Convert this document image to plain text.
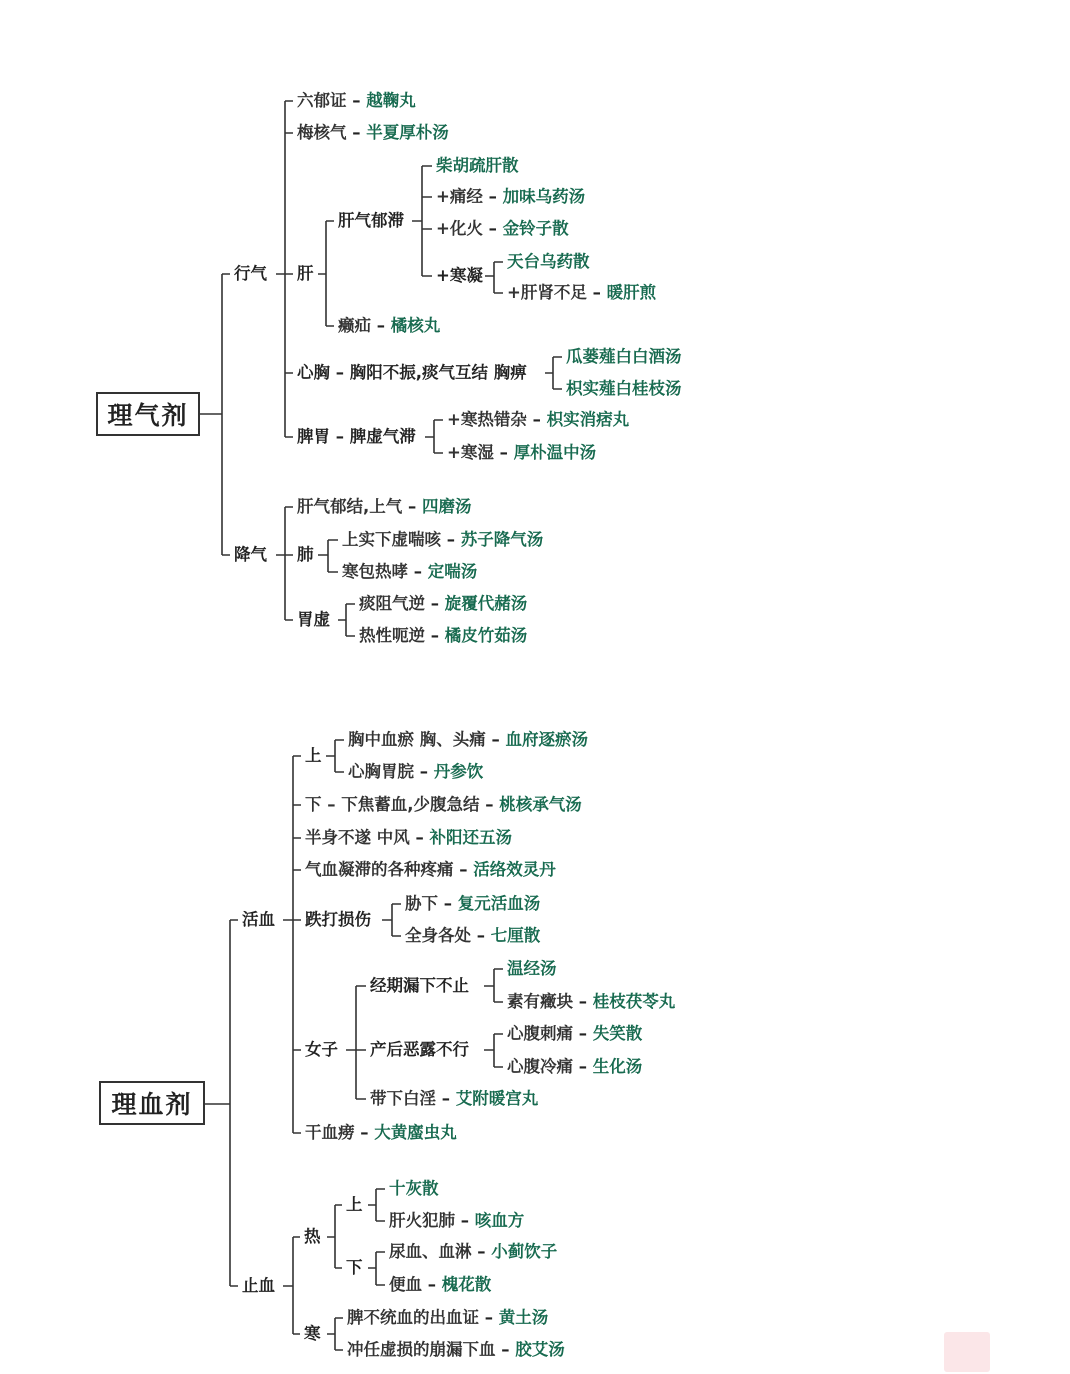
理气剂
行气
六郁证 – 越鞠丸
梅核气 – 半夏厚朴汤
肝
肝气郁滞
柴胡疏肝散
+痛经 – 加味乌药汤
+化火 – 金铃子散
+寒凝
天台乌药散
+肝肾不足 – 暖肝煎
癞疝 – 橘核丸
心胸 – 胸阳不振,痰气互结 胸痹
瓜蒌薤白白酒汤
枳实薤白桂枝汤
脾胃 – 脾虚气滞
+寒热错杂 – 枳实消痞丸
+寒湿 – 厚朴温中汤
降气
肝气郁结,上气 – 四磨汤
肺
上实下虚喘咳 – 苏子降气汤
寒包热哮 – 定喘汤
胃虚
痰阻气逆 – 旋覆代赭汤
热性呃逆 – 橘皮竹茹汤
理血剂
活血
上
胸中血瘀 胸、头痛 – 血府逐瘀汤
心胸胃脘 – 丹参饮
下 – 下焦蓄血,少腹急结 – 桃核承气汤
半身不遂 中风 – 补阳还五汤
气血凝滞的各种疼痛 – 活络效灵丹
跌打损伤
胁下 – 复元活血汤
全身各处 – 七厘散
女子
经期漏下不止
温经汤
素有癥块 – 桂枝茯苓丸
产后恶露不行
心腹刺痛 – 失笑散
心腹冷痛 – 生化汤
带下白淫 – 艾附暖宫丸
干血痨 – 大黄䗪虫丸
止血
热
上
十灰散
肝火犯肺 – 咳血方
下
尿血、血淋 – 小蓟饮子
便血 – 槐花散
寒
脾不统血的出血证 – 黄土汤
冲任虚损的崩漏下血 – 胶艾汤
